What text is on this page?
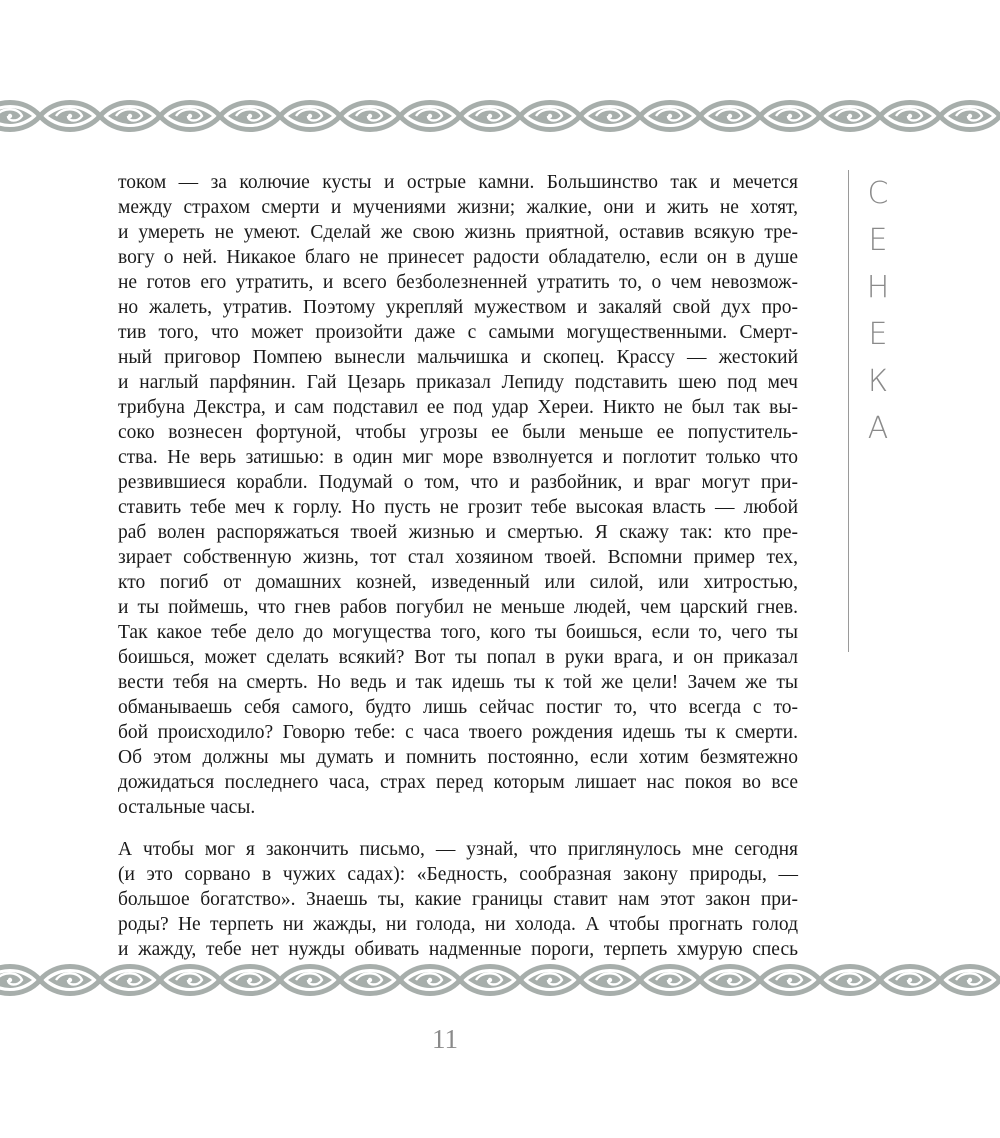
током — за колючие кусты и острые камни. Большинство так и мечется
между страхом смерти и мучениями жизни; жалкие, они и жить не хотят,
и умереть не умеют. Сделай же свою жизнь приятной, оставив всякую тре-
вогу о ней. Никакое благо не принесет радости обладателю, если он в душе
не готов его утратить, и всего безболезненней утратить то, о чем невозмож-
но жалеть, утратив. Поэтому укрепляй мужеством и закаляй свой дух про-
тив того, что может произойти даже с самыми могущественными. Смерт-
ный приговор Помпею вынесли мальчишка и скопец. Крассу — жестокий
и наглый парфянин. Гай Цезарь приказал Лепиду подставить шею под меч
трибуна Декстра, и сам подставил ее под удар Хереи. Никто не был так вы-
соко вознесен фортуной, чтобы угрозы ее были меньше ее попуститель-
ства. Не верь затишью: в один миг море взволнуется и поглотит только что
резвившиеся корабли. Подумай о том, что и разбойник, и враг могут при-
ставить тебе меч к горлу. Но пусть не грозит тебе высокая власть — любой
раб волен распоряжаться твоей жизнью и смертью. Я скажу так: кто пре-
зирает собственную жизнь, тот стал хозяином твоей. Вспомни пример тех,
кто погиб от домашних козней, изведенный или силой, или хитростью,
и ты поймешь, что гнев рабов погубил не меньше людей, чем царский гнев.
Так какое тебе дело до могущества того, кого ты боишься, если то, чего ты
боишься, может сделать всякий? Вот ты попал в руки врага, и он приказал
вести тебя на смерть. Но ведь и так идешь ты к той же цели! Зачем же ты
обманываешь себя самого, будто лишь сейчас постиг то, что всегда с то-
бой происходило? Говорю тебе: с часа твоего рождения идешь ты к смерти.
Об этом должны мы думать и помнить постоянно, если хотим безмятежно
дожидаться последнего часа, страх перед которым лишает нас покоя во все
остальные часы.
А чтобы мог я закончить письмо, — узнай, что приглянулось мне сегодня
(и это сорвано в чужих садах): «Бедность, сообразная закону природы, —
большое богатство». Знаешь ты, какие границы ставит нам этот закон при-
роды? Не терпеть ни жажды, ни голода, ни холода. А чтобы прогнать голод
и жажду, тебе нет нужды обивать надменные пороги, терпеть хмурую спесь
С
Е
Н
Е
К
А
11
